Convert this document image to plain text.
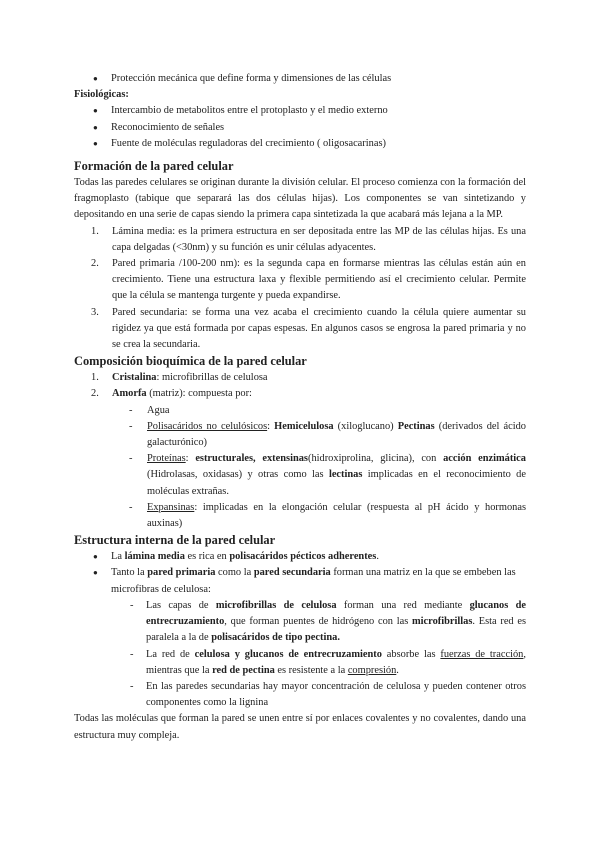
● Protección mecánica que define forma y dimensiones de las células

Fisiológicas:

● Intercambio de metabolitos entre el protoplasto y el medio externo
● Reconocimiento de señales
● Fuente de moléculas reguladoras del crecimiento ( oligosacarinas)
Formación de la pared celular

Todas las paredes celulares se originan durante la división celular. El proceso comienza con la formación del fragmoplasto (tabique que separará las dos células hijas). Los componentes se van sintetizando y depositando en una serie de capas siendo la primera capa sintetizada la que acabará más lejana a la MP.

1. Lámina media: es la primera estructura en ser depositada entre las MP de las células hijas. Es una capa delgadas (<30nm) y su función es unir células adyacentes.
2. Pared primaria /100-200 nm): es la segunda capa en formarse mientras las células están aún en crecimiento. Tiene una estructura laxa y flexible permitiendo así el crecimiento celular. Permite que la célula se mantenga turgente y pueda expandirse.
3. Pared secundaria: se forma una vez acaba el crecimiento cuando la célula quiere aumentar su rigidez ya que está formada por capas espesas. En algunos casos se engrosa la pared primaria y no se crea la secundaria.
Composición bioquímica de la pared celular
1. Cristalina: microfibrillas de celulosa
2. Amorfa (matriz): compuesta por:
- Agua
- Polisacáridos no celulósicos: Hemicelulosa (xiloglucano) Pectinas (derivados del ácido galacturónico)
- Proteínas: estructurales, extensinas(hidroxiprolina, glicina), con acción enzimática (Hidrolasas, oxidasas) y otras como las lectinas implicadas en el reconocimiento de moléculas extrañas.
- Expansinas: implicadas en la elongación celular (respuesta al pH ácido y hormonas auxinas)
Estructura interna de la pared celular
● La lámina media es rica en polisacáridos pécticos adherentes.
● Tanto la pared primaria como la pared secundaria forman una matriz en la que se embeben las microfibras de celulosa:
- Las capas de microfibrillas de celulosa forman una red mediante glucanos de entrecruzamiento, que forman puentes de hidrógeno con las microfibrillas. Esta red es paralela a la de polisacáridos de tipo pectina.
- La red de celulosa y glucanos de entrecruzamiento absorbe las fuerzas de tracción, mientras que la red de pectina es resistente a la compresión.
- En las paredes secundarias hay mayor concentración de celulosa y pueden contener otros componentes como la lignina

Todas las moléculas que forman la pared se unen entre sí por enlaces covalentes y no covalentes, dando una estructura muy compleja.
